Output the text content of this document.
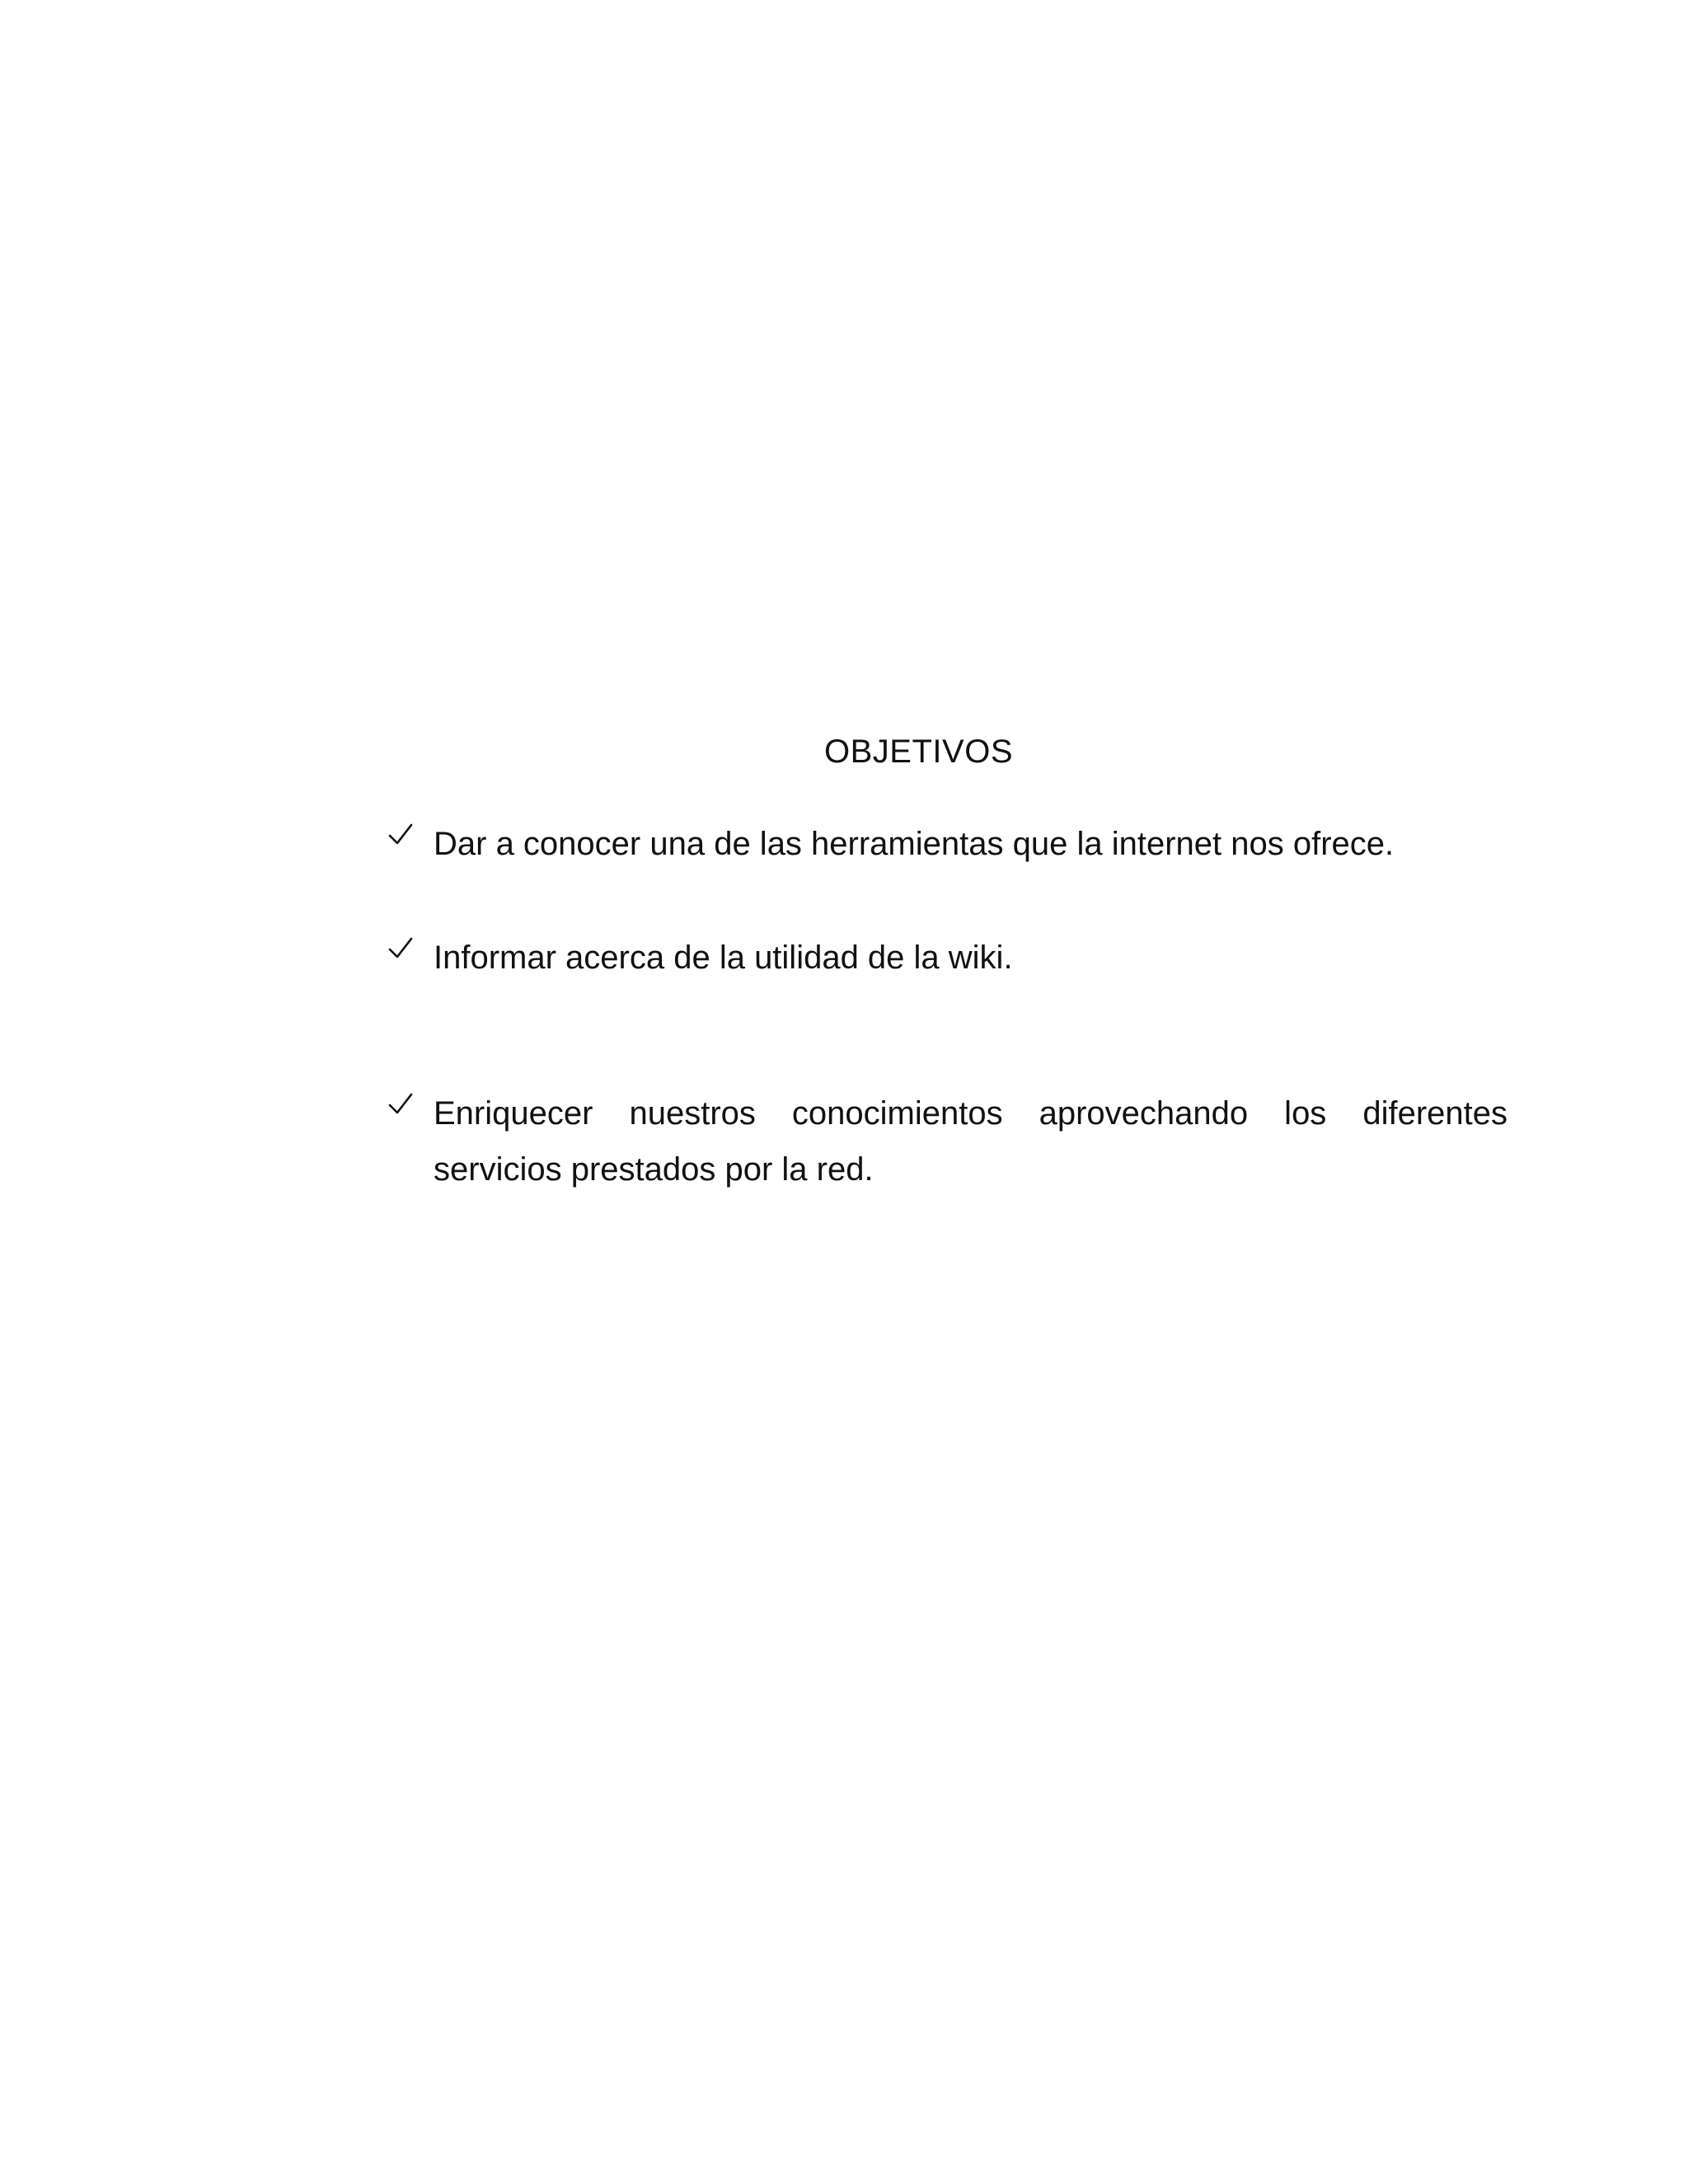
OBJETIVOS
Dar a conocer una de las herramientas que la internet nos ofrece.
Informar acerca de la utilidad de la wiki.
Enriquecer nuestros conocimientos aprovechando los diferentes servicios prestados por la red.
